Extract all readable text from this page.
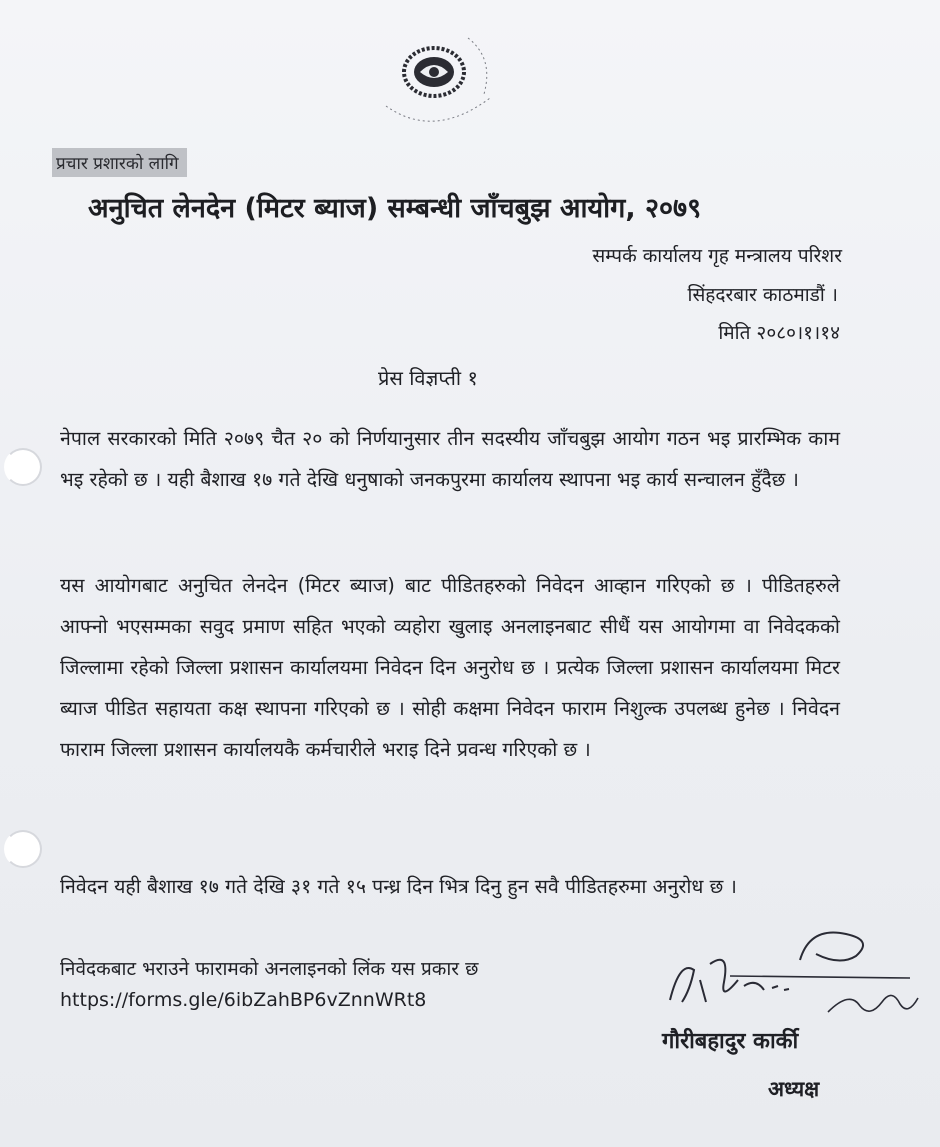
प्रचार प्रशारको लागि
अनुचित लेनदेन (मिटर ब्याज) सम्बन्धी जाँचबुझ आयोग, २०७९
सम्पर्क कार्यालय गृह मन्त्रालय परिशर
सिंहदरबार काठमाडौं ।
मिति २०८०।१।१४
प्रेस विज्ञप्ती १
नेपाल सरकारको मिति २०७९ चैत २० को निर्णयानुसार तीन सदस्यीय जाँचबुझ आयोग गठन भइ प्रारम्भिक काम भइ रहेको छ । यही बैशाख १७ गते देखि धनुषाको जनकपुरमा कार्यालय स्थापना भइ कार्य सन्चालन हुँदैछ ।
यस आयोगबाट अनुचित लेनदेन (मिटर ब्याज) बाट पीडितहरुको निवेदन आव्हान गरिएको छ । पीडितहरुले आफ्नो भएसम्मका सवुद प्रमाण सहित भएको व्यहोरा खुलाइ अनलाइनबाट सीधैं यस आयोगमा वा निवेदकको जिल्लामा रहेको जिल्ला प्रशासन कार्यालयमा निवेदन दिन अनुरोध छ । प्रत्येक जिल्ला प्रशासन कार्यालयमा मिटर ब्याज पीडित सहायता कक्ष स्थापना गरिएको छ । सोही कक्षमा निवेदन फाराम निशुल्क उपलब्ध हुनेछ । निवेदन फाराम जिल्ला प्रशासन कार्यालयकै कर्मचारीले भराइ दिने प्रवन्ध गरिएको छ ।
निवेदन यही बैशाख १७ गते देखि ३१ गते १५ पन्ध्र दिन भित्र दिनु हुन सवै पीडितहरुमा अनुरोध छ ।
निवेदकबाट भराउने फारामको अनलाइनको लिंक यस प्रकार छ
https://forms.gle/6ibZahBP6vZnnWRt8
गौरीबहादुर कार्की
अध्यक्ष
